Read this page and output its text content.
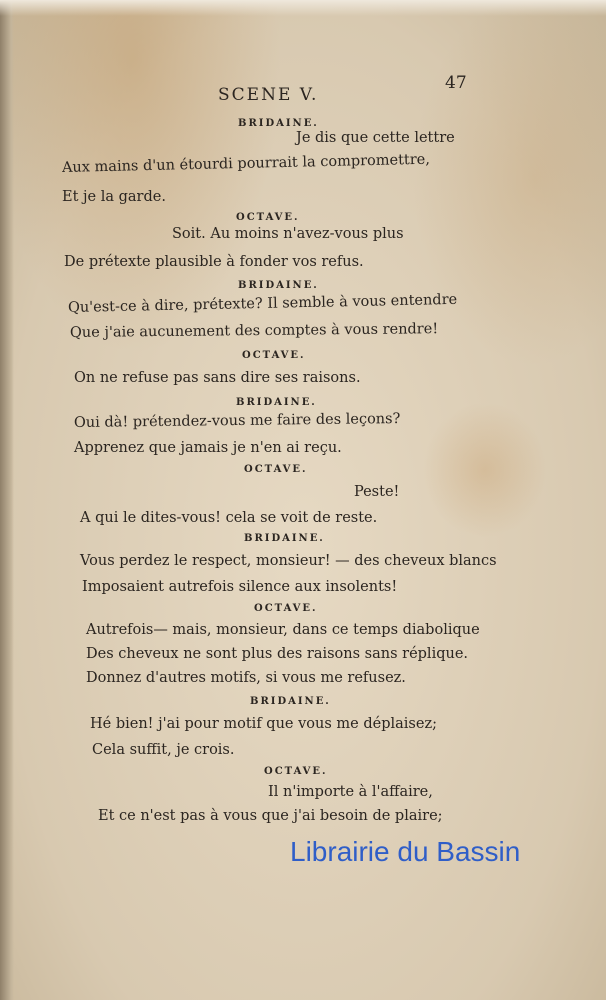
SCENE V.
47
BRIDAINE.
Je dis que cette lettre
Aux mains d'un étourdi pourrait la compromettre,
Et je la garde.
OCTAVE.
Soit. Au moins n'avez-vous plus
De prétexte plausible à fonder vos refus.
BRIDAINE.
Qu'est-ce à dire, prétexte? Il semble à vous entendre
Que j'aie aucunement des comptes à vous rendre!
OCTAVE.
On ne refuse pas sans dire ses raisons.
BRIDAINE.
Oui dà! prétendez-vous me faire des leçons?
Apprenez que jamais je n'en ai reçu.
OCTAVE.
Peste!
A qui le dites-vous! cela se voit de reste.
BRIDAINE.
Vous perdez le respect, monsieur! — des cheveux blancs
Imposaient autrefois silence aux insolents!
OCTAVE.
Autrefois— mais, monsieur, dans ce temps diabolique
Des cheveux ne sont plus des raisons sans réplique.
Donnez d'autres motifs, si vous me refusez.
BRIDAINE.
Hé bien! j'ai pour motif que vous me déplaisez;
Cela suffit, je crois.
OCTAVE.
Il n'importe à l'affaire,
Et ce n'est pas à vous que j'ai besoin de plaire;
Librairie du Bassin
